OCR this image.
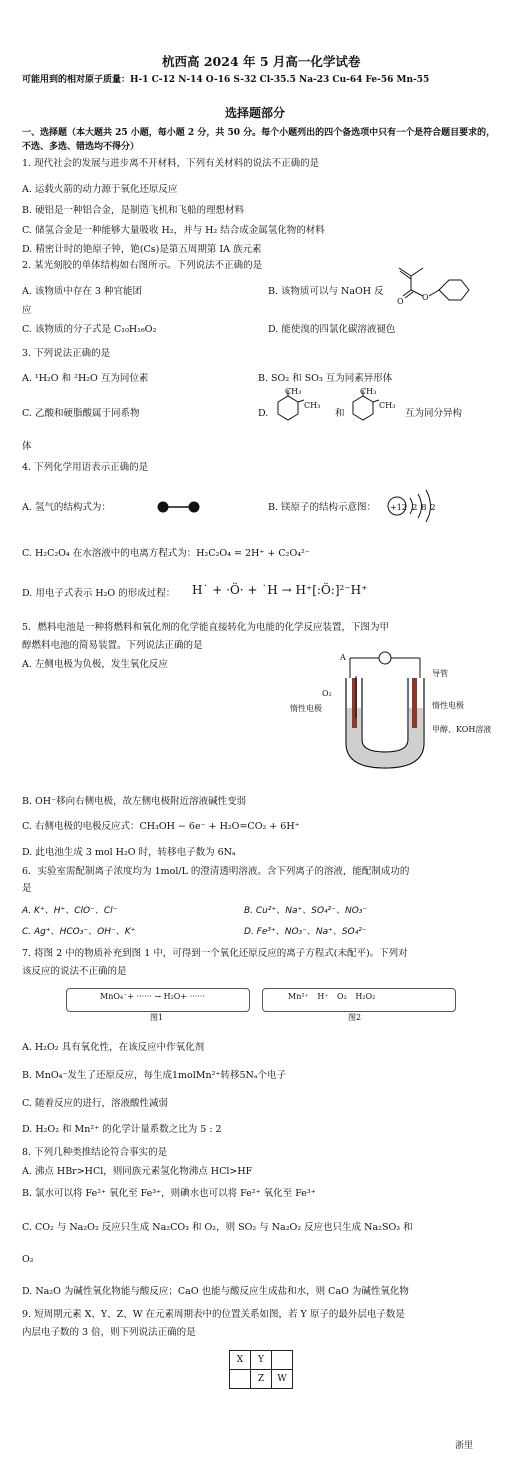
杭西高 2024 年 5 月高一化学试卷
可能用到的相对原子质量：H-1 C-12 N-14 O-16 S-32 Cl-35.5 Na-23 Cu-64 Fe-56 Mn-55
选择题部分
一、选择题（本大题共 25 小题，每小题 2 分，共 50 分。每个小题列出的四个备选项中只有一个是符合题目要求的，不选、多选、错选均不得分）
1. 现代社会的发展与进步离不开材料，下列有关材料的说法不正确的是
A. 运载火箭的动力源于氧化还原反应
B. 硬铝是一种铝合金，是制造飞机和飞船的理想材料
C. 储氢合金是一种能够大量吸收 H₂，并与 H₂ 结合成金属氢化物的材料
D. 精密计时的铯原子钟，铯(Cs)是第五周期第 IA 族元素
2. 某光刻胶的单体结构如右图所示。下列说法不正确的是
A. 该物质中存在 3 种官能团	B. 该物质可以与 NaOH 反
应
C. 该物质的分子式是 C₁₀H₁₆O₂	D. 能使溴的四氯化碳溶液褪色
O O
3. 下列说法正确的是
A. ¹H₂O 和 ²H₂O 互为同位素	B. SO₂ 和 SO₃ 互为同素异形体
C. 乙酸和硬脂酸属于同系物	D.
CH₃
CH₃
和
CH₃
CH₃
互为同分异构
体
4. 下列化学用语表示正确的是
A. 氢气的结构式为：	B. 镁原子的结构示意图： +12 2 8 2
C. H₂C₂O₄ 在水溶液中的电离方程式为：H₂C₂O₄ = 2H⁺ + C₂O₄²⁻
D. 用电子式表示 H₂O 的形成过程： H˙ + ·Ö· + ˙H → H⁺[:Ö:]²⁻H⁺
5．燃料电池是一种将燃料和氧化剂的化学能直接转化为电能的化学反应装置，下图为甲
醇燃料电池的简易装置。下列说法正确的是
A. 左侧电极为负极，发生氧化反应
A
导管
O₂
惰性电极	惰性电极
甲醇、KOH溶液
B. OH⁻移向右侧电极，故左侧电极附近溶液碱性变弱
C. 右侧电极的电极反应式：CH₃OH − 6e⁻ + H₂O=CO₂ + 6H⁺
D. 此电池生成 3 mol H₂O 时，转移电子数为 6Nₐ
6．实验室需配制离子浓度均为 1mol/L 的澄清透明溶液。含下列离子的溶液，能配制成功的
是
A. K⁺、H⁺、ClO⁻、Cl⁻	B. Cu²⁺、Na⁺、SO₄²⁻、NO₃⁻
C. Ag⁺、HCO₃⁻、OH⁻、K⁺	D. Fe³⁺、NO₃⁻、Na⁺、SO₄²⁻
7. 将图 2 中的物质补充到图 1 中，可得到一个氧化还原反应的离子方程式(未配平)。下列对
该反应的说法不正确的是
MnO₄⁻+ ······ → H₂O+ ······
图1
Mn²⁺ H⁺ O₂ H₂O₂
图2
A. H₂O₂ 具有氧化性，在该反应中作氧化剂
B. MnO₄⁻发生了还原反应，每生成1molMn²⁺转移5Nₐ个电子
C. 随着反应的进行，溶液酸性减弱
D. H₂O₂ 和 Mn²⁺ 的化学计量系数之比为 5 : 2
8. 下列几种类推结论符合事实的是
A. 沸点 HBr>HCl，则同族元素氢化物沸点 HCl>HF
B. 氯水可以将 Fe²⁺ 氧化至 Fe³⁺，则碘水也可以将 Fe²⁺ 氧化至 Fe³⁺
C. CO₂ 与 Na₂O₂ 反应只生成 Na₂CO₃ 和 O₂，则 SO₂ 与 Na₂O₂ 反应也只生成 Na₂SO₃ 和
O₂
D. Na₂O 为碱性氧化物能与酸反应；CaO 也能与酸反应生成盐和水，则 CaO 为碱性氧化物
9. 短周期元素 X、Y、Z、W 在元素周期表中的位置关系如图，若 Y 原子的最外层电子数是
内层电子数的 3 倍，则下列说法正确的是
X	Y	
	Z	W
浙里
